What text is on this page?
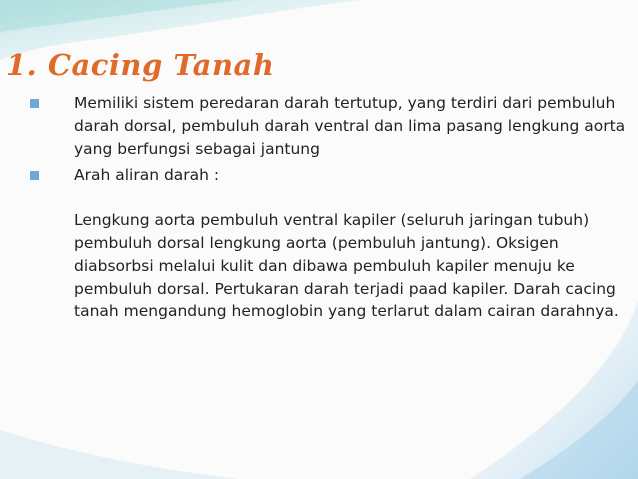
1. Cacing Tanah
Memiliki sistem peredaran darah tertutup, yang terdiri dari pembuluh darah dorsal, pembuluh darah ventral dan lima pasang lengkung aorta yang berfungsi sebagai jantung
Arah aliran darah :
Lengkung aorta pembuluh ventral kapiler (seluruh jaringan tubuh) pembuluh dorsal lengkung aorta (pembuluh jantung). Oksigen diabsorbsi melalui kulit dan dibawa pembuluh kapiler menuju ke pembuluh dorsal. Pertukaran darah terjadi paad kapiler. Darah cacing tanah mengandung hemoglobin yang terlarut dalam cairan darahnya.
